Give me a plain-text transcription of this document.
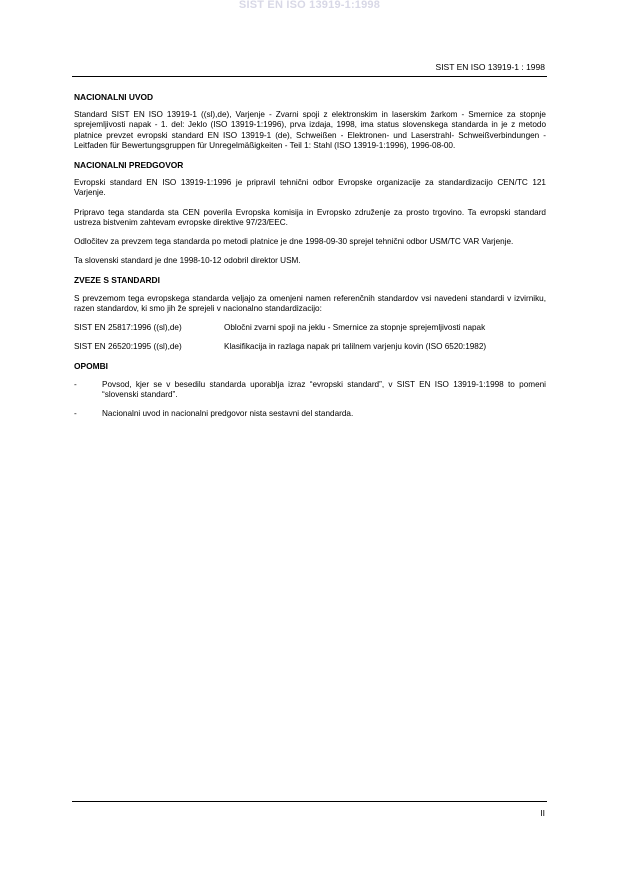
SIST EN ISO 13919-1:1998
SIST EN ISO 13919-1 : 1998
NACIONALNI UVOD

Standard SIST EN ISO 13919-1 ((sl),de), Varjenje - Zvarni spoji z elektronskim in laserskim žarkom - Smernice za stopnje sprejemljivosti napak - 1. del: Jeklo (ISO 13919-1:1996), prva izdaja, 1998, ima status slovenskega standarda in je z metodo platnice prevzet evropski standard EN ISO 13919-1 (de), Schweißen - Elektronen- und Laserstrahl- Schweißverbindungen - Leitfaden für Bewertungsgruppen für Unregelmäßigkeiten - Teil 1: Stahl (ISO 13919-1:1996), 1996-08-00.

NACIONALNI PREDGOVOR

Evropski standard EN ISO 13919-1:1996 je pripravil tehnični odbor Evropske organizacije za standardizacijo CEN/TC 121 Varjenje.

Pripravo tega standarda sta CEN poverila Evropska komisija in Evropsko združenje za prosto trgovino. Ta evropski standard ustreza bistvenim zahtevam evropske direktive 97/23/EEC.

Odločitev za prevzem tega standarda po metodi platnice je dne 1998-09-30 sprejel tehnični odbor USM/TC VAR Varjenje.

Ta slovenski standard je dne 1998-10-12 odobril direktor USM.

ZVEZE S STANDARDI

S prevzemom tega evropskega standarda veljajo za omenjeni namen referenčnih standardov vsi navedeni standardi v izvirniku, razen standardov, ki smo jih že sprejeli v nacionalno standardizacijo:

SIST EN 25817:1996 ((sl),de)	Obločni zvarni spoji na jeklu - Smernice za stopnje sprejemljivosti napak
SIST EN 26520:1995 ((sl),de)	Klasifikacija in razlaga napak pri talilnem varjenju kovin (ISO 6520:1982)
OPOMBI
-	Povsod, kjer se v besedilu standarda uporablja izraz “evropski standard”, v SIST EN ISO 13919-1:1998 to pomeni “slovenski standard”.
-	Nacionalni uvod in nacionalni predgovor nista sestavni del standarda.
II
